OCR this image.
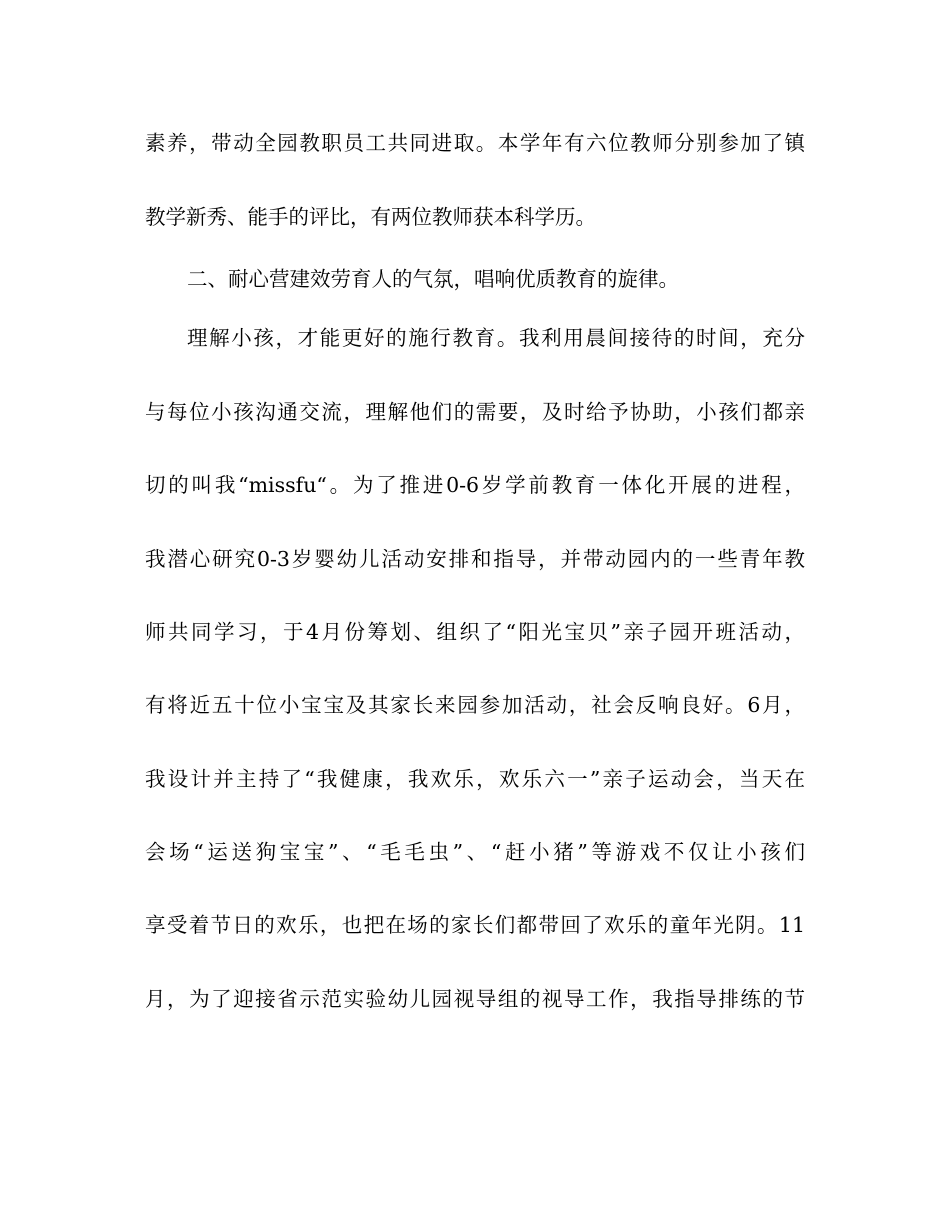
素养，带动全园教职员工共同进取。本学年有六位教师分别参加了镇
教学新秀、能手的评比，有两位教师获本科学历。
二、耐心营建效劳育人的气氛，唱响优质教育的旋律。
理解小孩，才能更好的施行教育。我利用晨间接待的时间，充分
与每位小孩沟通交流，理解他们的需要，及时给予协助，小孩们都亲
切的叫我“missfu“。为了推进0-6岁学前教育一体化开展的进程，
我潜心研究0-3岁婴幼儿活动安排和指导，并带动园内的一些青年教
师共同学习，于4月份筹划、组织了“阳光宝贝”亲子园开班活动，
有将近五十位小宝宝及其家长来园参加活动，社会反响良好。6月，
我设计并主持了“我健康，我欢乐，欢乐六一”亲子运动会，当天在
会场“运送狗宝宝”、“毛毛虫”、“赶小猪”等游戏不仅让小孩们
享受着节日的欢乐，也把在场的家长们都带回了欢乐的童年光阴。11
月，为了迎接省示范实验幼儿园视导组的视导工作，我指导排练的节
